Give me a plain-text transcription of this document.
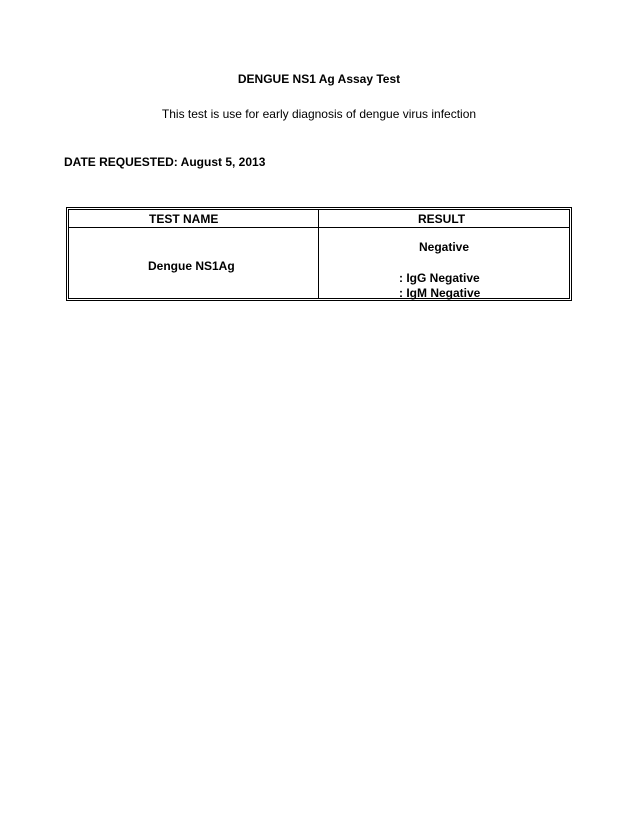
DENGUE NS1 Ag Assay Test
This test is use for early diagnosis of dengue virus infection
DATE REQUESTED: August 5, 2013
TEST NAME	RESULT
Dengue NS1Ag
Negative
: IgG Negative
: IgM Negative
